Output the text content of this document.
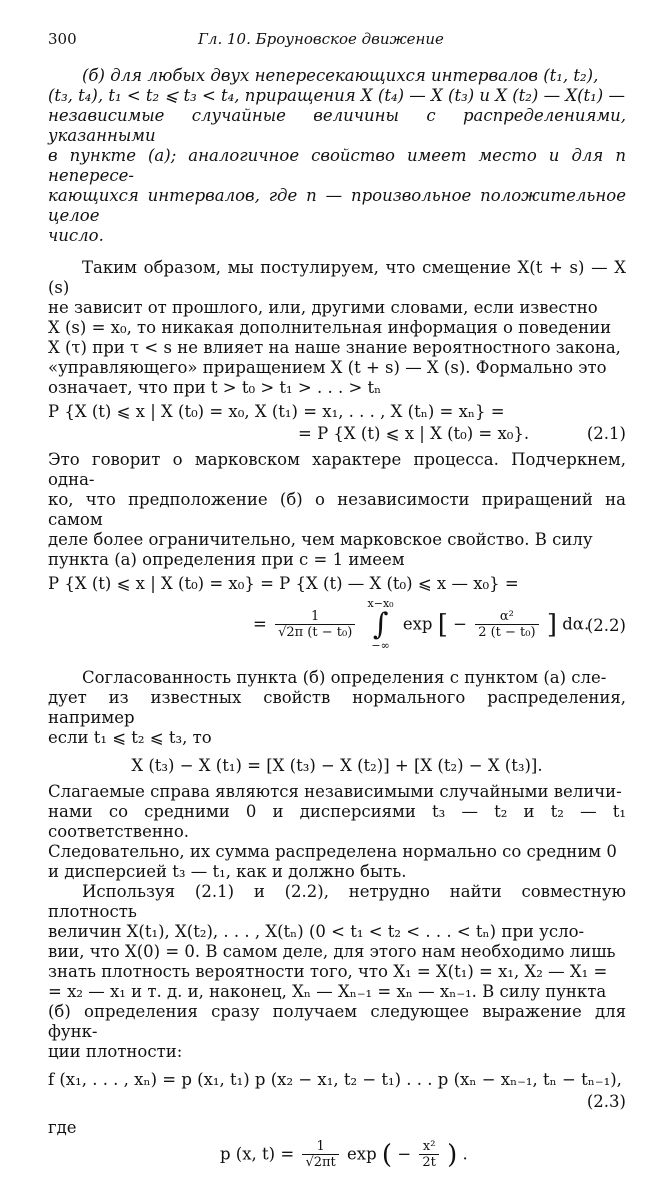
300	Гл. 10. Броуновское движение
(б) для любых двух непересекающихся интервалов (t₁, t₂),
(t₃, t₄), t₁ < t₂ ⩽ t₃ < t₄, приращения X (t₄) — X (t₃) и X (t₂) — X(t₁) —
независимые случайные величины с распределениями, указанными
в пункте (а); аналогичное свойство имеет место и для n непересе-
кающихся интервалов, где n — произвольное положительное целое
число.
Таким образом, мы постулируем, что смещение X(t + s) — X (s)
не зависит от прошлого, или, другими словами, если известно
X (s) = x₀, то никакая дополнительная информация о поведении
X (τ) при τ < s не влияет на наше знание вероятностного закона,
«управляющего» приращением X (t + s) — X (s). Формально это
означает, что при t > t₀ > t₁ > . . . > tₙ
P {X (t) ⩽ x | X (t₀) = x₀, X (t₁) = x₁, . . . , X (tₙ) = xₙ} =
= P {X (t) ⩽ x | X (t₀) = x₀}.	(2.1)
Это говорит о марковском характере процесса. Подчеркнем, одна-
ко, что предположение (б) о независимости приращений на самом
деле более ограничительно, чем марковское свойство. В силу
пункта (а) определения при c = 1 имеем
P {X (t) ⩽ x | X (t₀) = x₀} = P {X (t) — X (t₀) ⩽ x — x₀} =
= $\frac{1}{\text{√2π (t − t₀)}}$

x−x₀
∫
−∞
exp [ − $\frac{\text{α²}}{\text{2 (t − t₀)}}$ ] dα.
(2.2)
Согласованность пункта (б) определения с пунктом (а) сле-
дует из известных свойств нормального распределения, например
если t₁ ⩽ t₂ ⩽ t₃, то
X (t₃) − X (t₁) = [X (t₃) − X (t₂)] + [X (t₂) − X (t₃)].
Слагаемые справа являются независимыми случайными величи-
нами со средними 0 и дисперсиями t₃ — t₂ и t₂ — t₁ соответственно.
Следовательно, их сумма распределена нормально со средним 0
и дисперсией t₃ — t₁, как и должно быть.
Используя (2.1) и (2.2), нетрудно найти совместную плотность
величин X(t₁), X(t₂), . . . , X(tₙ) (0 < t₁ < t₂ < . . . < tₙ) при усло-
вии, что X(0) = 0. В самом деле, для этого нам необходимо лишь
знать плотность вероятности того, что X₁ = X(t₁) = x₁, X₂ — X₁ =
= x₂ — x₁ и т. д. и, наконец, Xₙ — Xₙ₋₁ = xₙ — xₙ₋₁. В силу пункта
(б) определения сразу получаем следующее выражение для функ-
ции плотности:
f (x₁, . . . , xₙ) = p (x₁, t₁) p (x₂ − x₁, t₂ − t₁) . . . p (xₙ − xₙ₋₁, tₙ − tₙ₋₁),
(2.3)
где
p (x, $t) = \frac{1}{√2\pi t}$ exp ( − $\frac{\text{x²}}{2t}$ ) .
